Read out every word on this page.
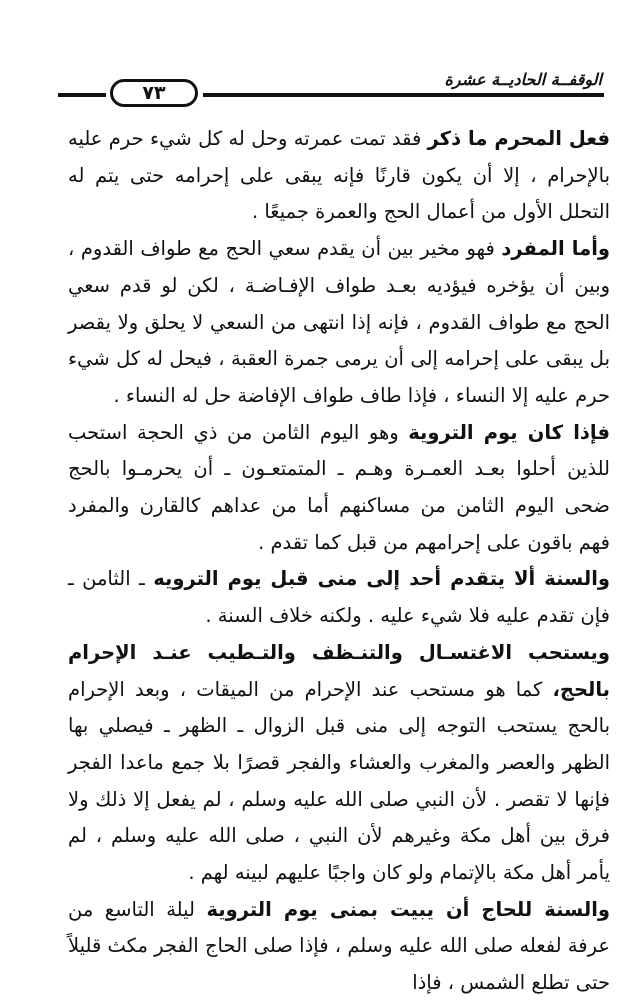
٧٣
الوقفــة الحاديــة عشرة

فعل المحرم ما ذكر فقد تمت عمرته وحل له كل شيء حرم عليه بالإحرام ، إلا أن يكون قارنًا فإنه يبقى على إحرامه حتى يتم له التحلل الأول من أعمال الحج والعمرة جميعًا .

وأما المفرد فهو مخير بين أن يقدم سعي الحج مع طواف القدوم ، وبين أن يؤخره فيؤديه بعـد طواف الإفـاضـة ، لكن لو قدم سعي الحج مع طواف القدوم ، فإنه إذا انتهى من السعي لا يحلق ولا يقصر بل يبقى على إحرامه إلى أن يرمى جمرة العقبة ، فيحل له كل شيء حرم عليه إلا النساء ، فإذا طاف طواف الإفاضة حل له النساء .

فإذا كان يوم التروية وهو اليوم الثامن من ذي الحجة استحب للذين أحلوا بعـد العمـرة وهـم ـ المتمتعـون ـ أن يحرمـوا بالحج ضحى اليوم الثامن من مساكنهم أما من عداهم كالقارن والمفرد فهم باقون على إحرامهم من قبل كما تقدم .

والسنة ألا يتقدم أحد إلى منى قبل يوم الترويه ـ الثامن ـ فإن تقدم عليه فلا شيء عليه . ولكنه خلاف السنة .

ويستحب الاغتسـال والتنـظف والتـطيب عنـد الإحرام بالحج، كما هو مستحب عند الإحرام من الميقات ، وبعد الإحرام بالحج يستحب التوجه إلى منى قبل الزوال ـ الظهر ـ فيصلي بها الظهر والعصر والمغرب والعشاء والفجر قصرًا بلا جمع ماعدا الفجر فإنها لا تقصر . لأن النبي صلى الله عليه وسلم ، لم يفعل إلا ذلك ولا فرق بين أهل مكة وغيرهم لأن النبي ، صلى الله عليه وسلم ، لم يأمر أهل مكة بالإتمام ولو كان واجبًا عليهم لبينه لهم .

والسنة للحاج أن يبيت بمنى يوم التروية ليلة التاسع من عرفة لفعله صلى الله عليه وسلم ، فإذا صلى الحاج الفجر مكث قليلاً حتى تطلع الشمس ، فإذا
